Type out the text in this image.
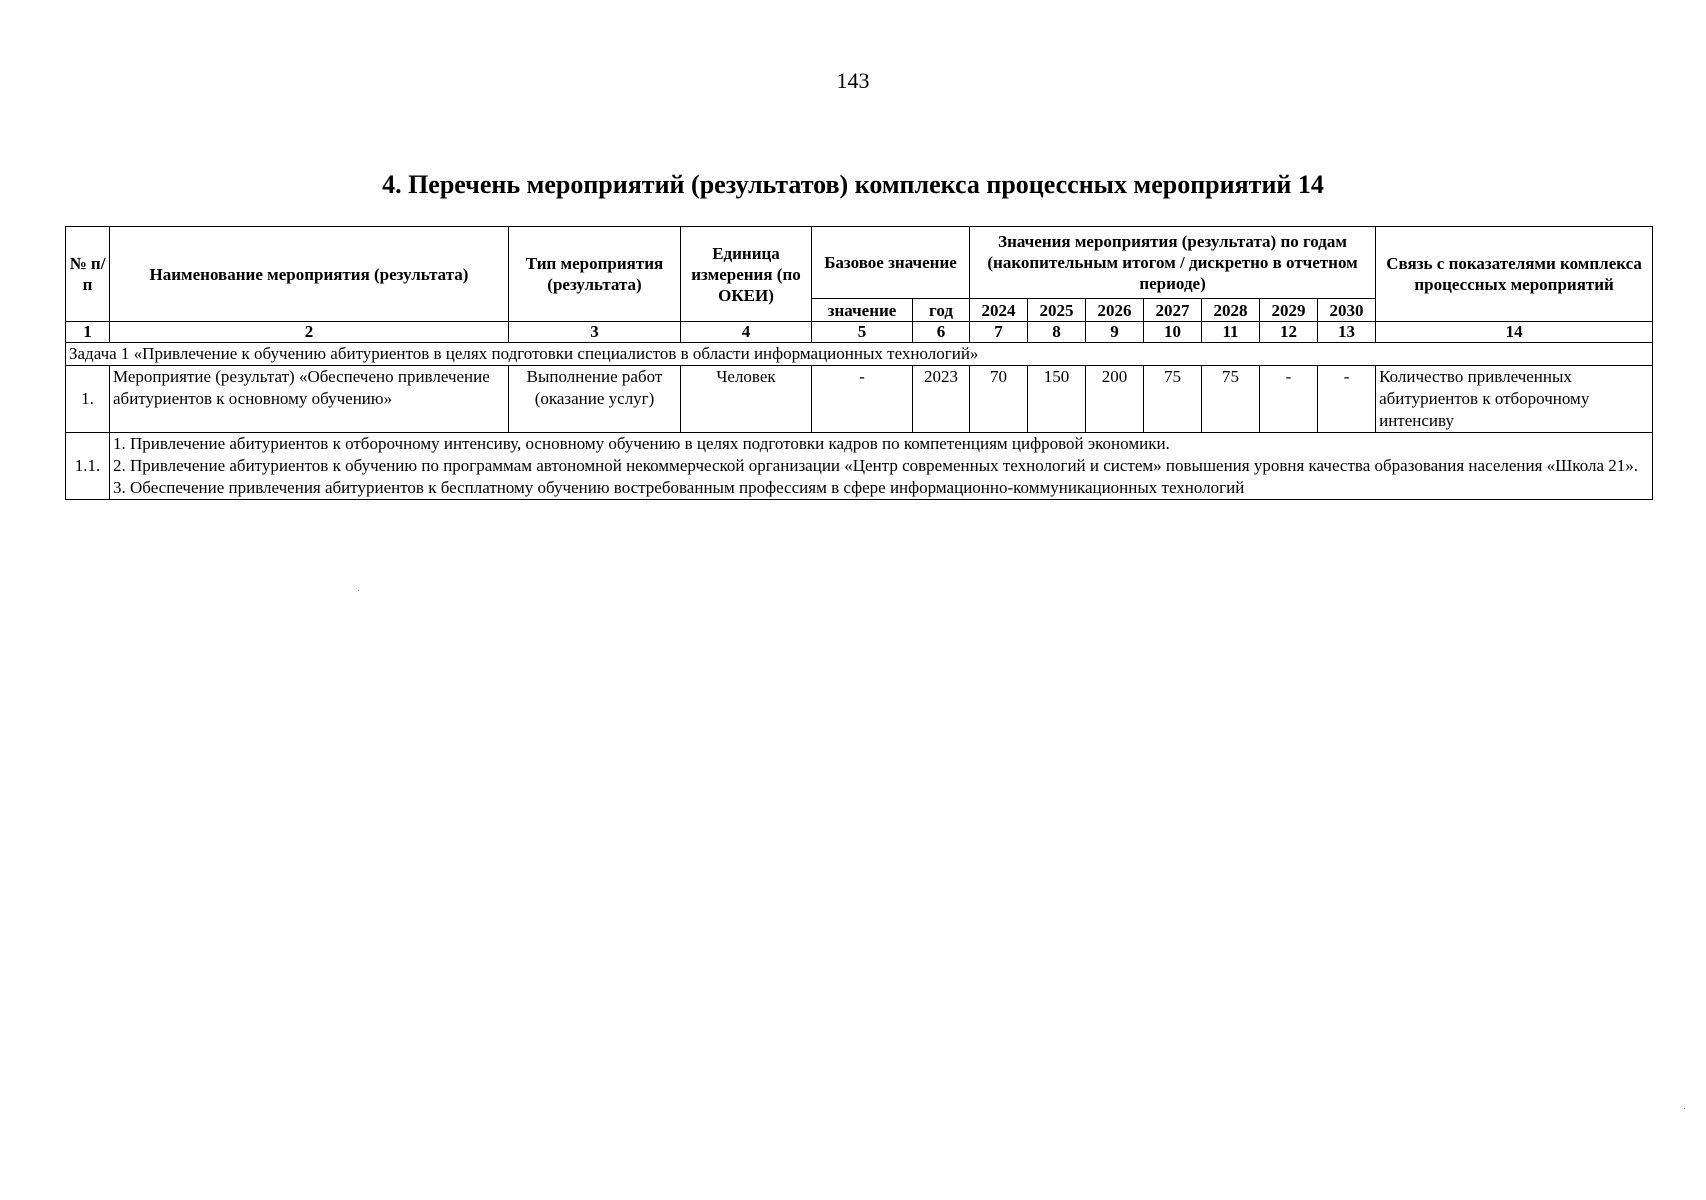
143
4. Перечень мероприятий (результатов) комплекса процессных мероприятий 14
№ п/п	Наименование мероприятия (результата)	Тип мероприятия (результата)	Единица измерения (по ОКЕИ)	Базовое значение		Значения мероприятия (результата) по годам (накопительным итогом / дискретно в отчетном периоде)							Связь с показателями комплекса процессных мероприятий
				значение	год	2024	2025	2026	2027	2028	2029	2030	
1	2	3	4	5	6	7	8	9	10	11	12	13	14
Задача 1 «Привлечение к обучению абитуриентов в целях подготовки специалистов в области информационных технологий»													
1.	Мероприятие (результат) «Обеспечено привлечение абитуриентов к основному обучению»	Выполнение работ (оказание услуг)	Человек	-	2023	70	150	200	75	75	-	-	Количество привлеченных абитуриентов к отборочному интенсиву
1.1.	1. Привлечение абитуриентов к отборочному интенсиву, основному обучению в целях подготовки кадров по компетенциям цифровой экономики.
2. Привлечение абитуриентов к обучению по программам автономной некоммерческой организации «Центр современных технологий и систем» повышения уровня качества образования населения «Школа 21».
3. Обеспечение привлечения абитуриентов к бесплатному обучению востребованным профессиям в сфере информационно-коммуникационных технологий												
